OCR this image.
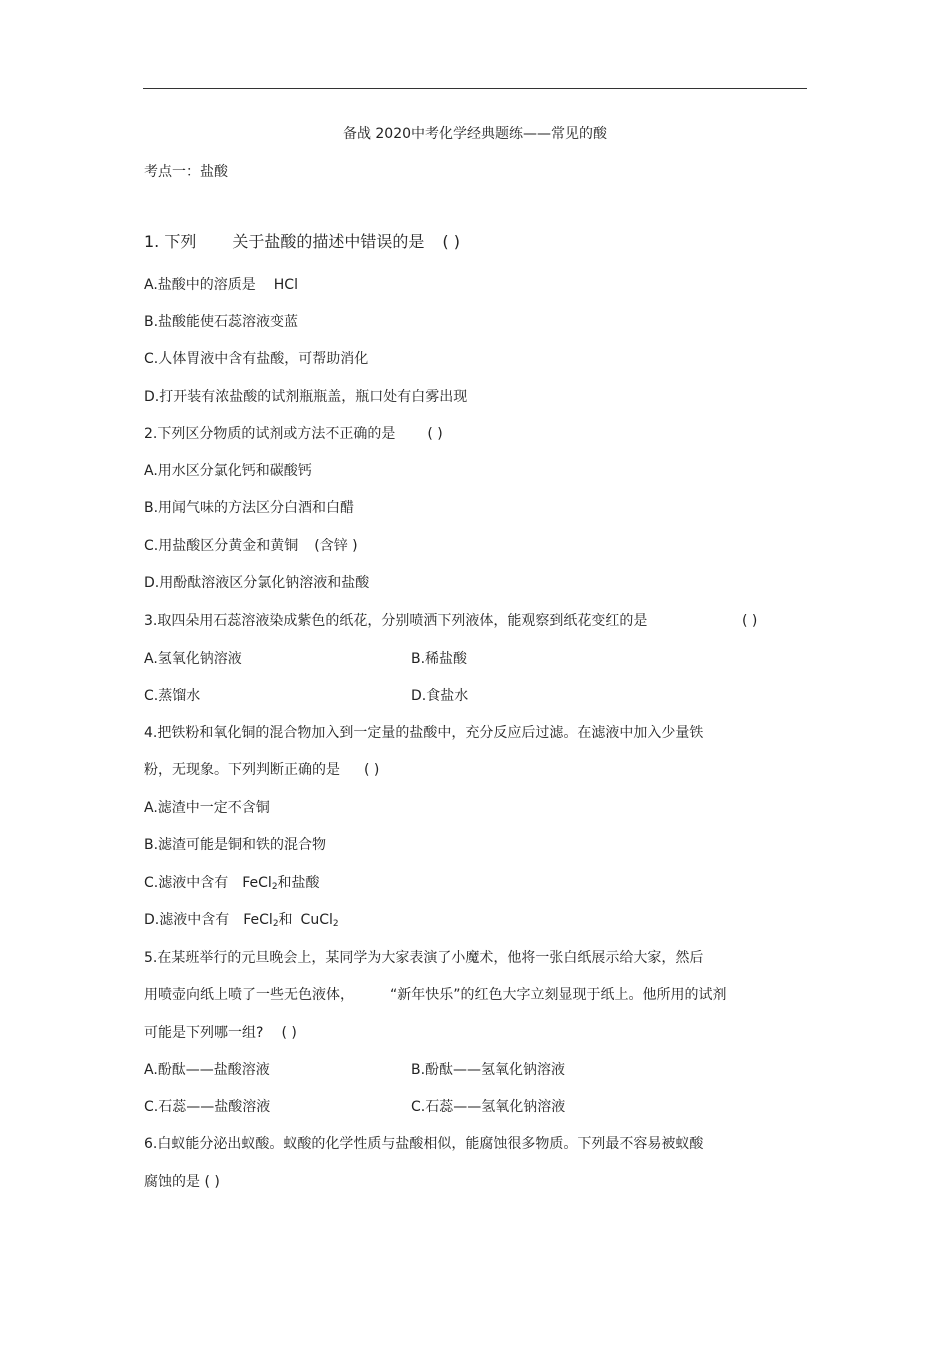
备战 2020中考化学经典题练——常见的酸
考点一：盐酸
1. 下列 关于盐酸的描述中错误的是 ( )
A.盐酸中的溶质是 HCl
B.盐酸能使石蕊溶液变蓝
C.人体胃液中含有盐酸，可帮助消化
D.打开装有浓盐酸的试剂瓶瓶盖，瓶口处有白雾出现
2.下列区分物质的试剂或方法不正确的是 ( )
A.用水区分氯化钙和碳酸钙
B.用闻气味的方法区分白酒和白醋
C.用盐酸区分黄金和黄铜 (含锌 )
D.用酚酞溶液区分氯化钠溶液和盐酸
3.取四朵用石蕊溶液染成紫色的纸花，分别喷洒下列液体，能观察到纸花变红的是	( )
A.氢氧化钠溶液	B.稀盐酸
C.蒸馏水	D.食盐水
4.把铁粉和氧化铜的混合物加入到一定量的盐酸中，充分反应后过滤。在滤液中加入少量铁
粉，无现象。下列判断正确的是 ( )
A.滤渣中一定不含铜
B.滤渣可能是铜和铁的混合物
C.滤液中含有 FeCl$_2$和盐酸
D.滤液中含有 FeCl$_2$和 CuCl$_2$
5.在某班举行的元旦晚会上，某同学为大家表演了小魔术，他将一张白纸展示给大家，然后
用喷壶向纸上喷了一些无色液体，	“新年快乐”的红色大字立刻显现于纸上。他所用的试剂
可能是下列哪一组? ( )
A.酚酞——盐酸溶液	B.酚酞——氢氧化钠溶液
C.石蕊——盐酸溶液	C.石蕊——氢氧化钠溶液
6.白蚁能分泌出蚁酸。蚁酸的化学性质与盐酸相似，能腐蚀很多物质。下列最不容易被蚁酸
腐蚀的是 ( )
